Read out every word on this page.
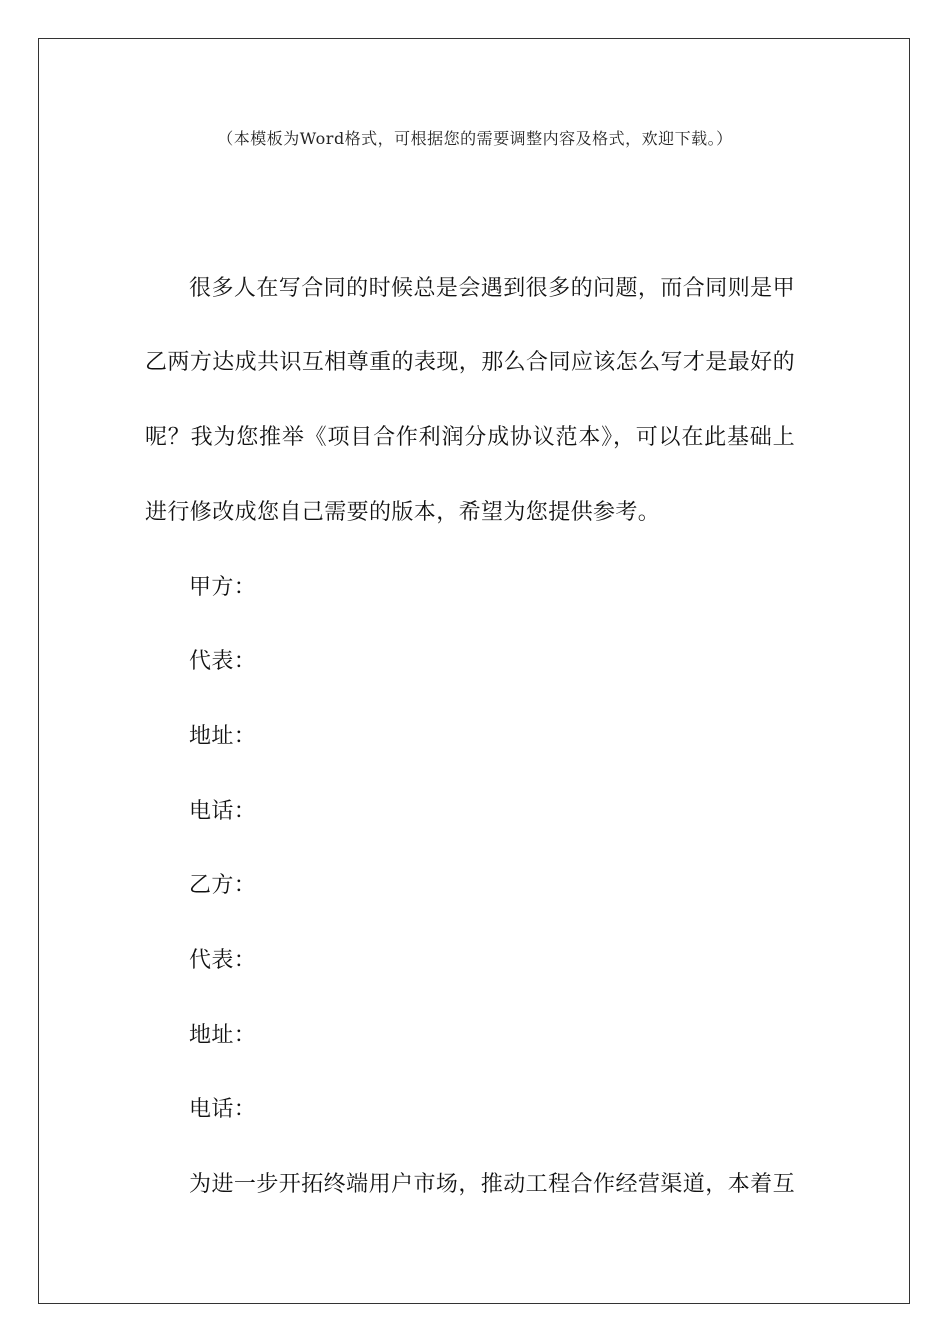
（本模板为Word格式，可根据您的需要调整内容及格式，欢迎下载。）
很多人在写合同的时候总是会遇到很多的问题，而合同则是甲
乙两方达成共识互相尊重的表现，那么合同应该怎么写才是最好的
呢？我为您推举《项目合作利润分成协议范本》，可以在此基础上
进行修改成您自己需要的版本，希望为您提供参考。
甲方：
代表：
地址：
电话：
乙方：
代表：
地址：
电话：
为进一步开拓终端用户市场，推动工程合作经营渠道，本着互
